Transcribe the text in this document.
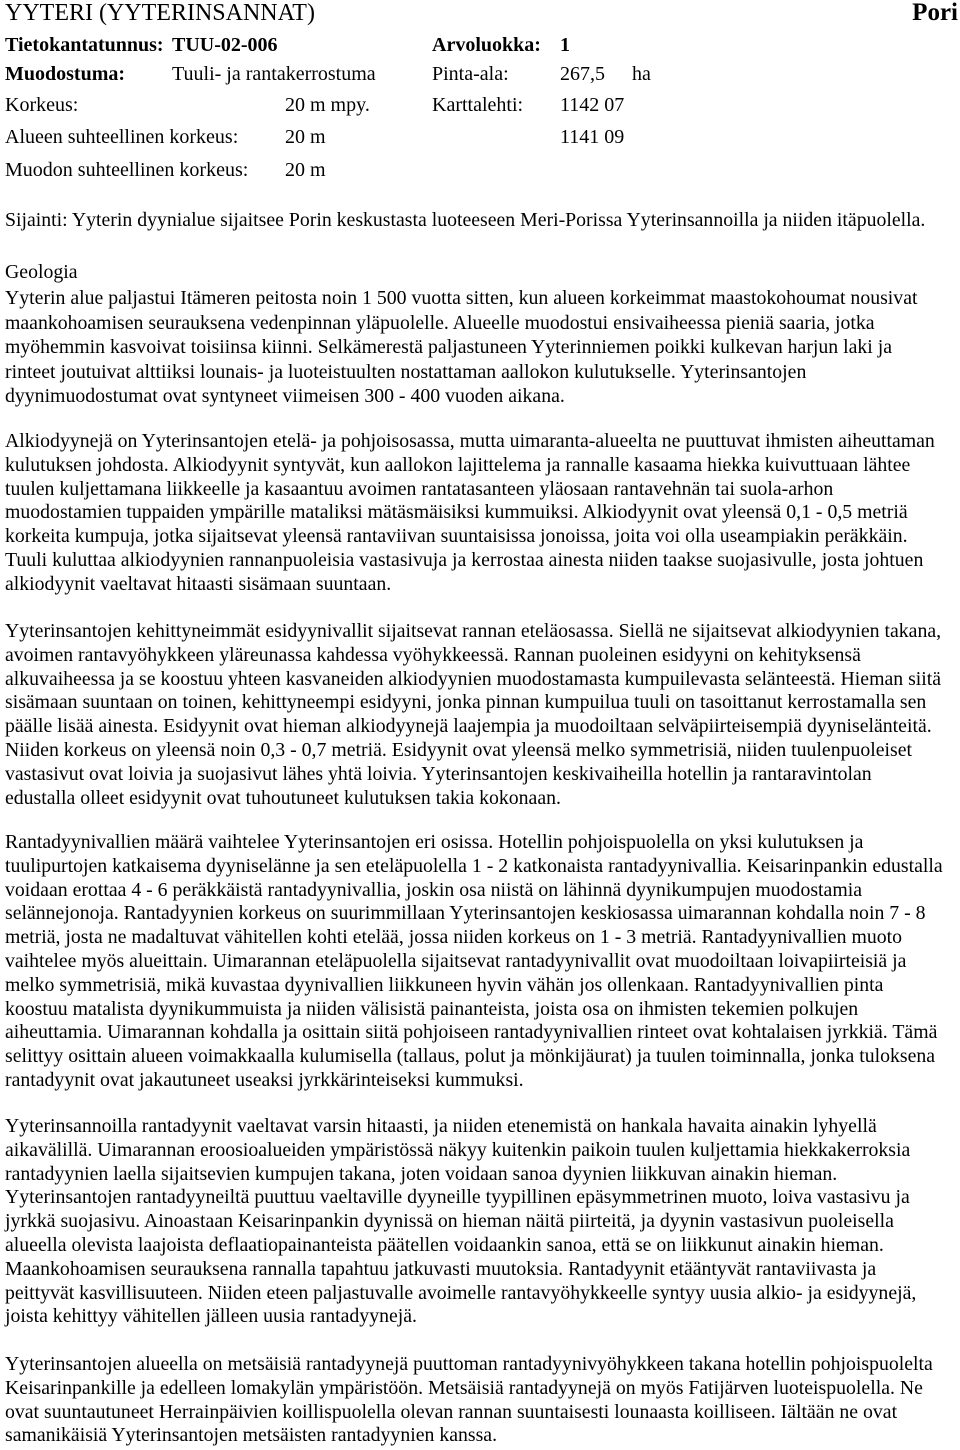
YYTERI (YYTERINSANNAT)	Pori
Tietokantatunnus: TUU-02-006	Arvoluokka: 1
Muodostuma: Tuuli- ja rantakerrostuma	Pinta-ala:	267,5 ha
Korkeus:	20 m mpy.	Karttalehti: 1142 07
Alueen suhteellinen korkeus: 20 m	1141 09
Muodon suhteellinen korkeus: 20 m
Sijainti: Yyterin dyynialue sijaitsee Porin keskustasta luoteeseen Meri-Porissa Yyterinsannoilla ja niiden itäpuolella.
Geologia
Yyterin alue paljastui Itämeren peitosta noin 1 500 vuotta sitten, kun alueen korkeimmat maastokohoumat nousivat
maankohoamisen seurauksena vedenpinnan yläpuolelle. Alueelle muodostui ensivaiheessa pieniä saaria, jotka
myöhemmin kasvoivat toisiinsa kiinni. Selkämerestä paljastuneen Yyterinniemen poikki kulkevan harjun laki ja
rinteet joutuivat alttiiksi lounais- ja luoteistuulten nostattaman aallokon kulutukselle. Yyterinsantojen
dyynimuodostumat ovat syntyneet viimeisen 300 - 400 vuoden aikana.
Alkiodyynejä on Yyterinsantojen etelä- ja pohjoisosassa, mutta uimaranta-alueelta ne puuttuvat ihmisten aiheuttaman
kulutuksen johdosta. Alkiodyynit syntyvät, kun aallokon lajittelema ja rannalle kasaama hiekka kuivuttuaan lähtee
tuulen kuljettamana liikkeelle ja kasaantuu avoimen rantatasanteen yläosaan rantavehnän tai suola-arhon
muodostamien tuppaiden ympärille mataliksi mätäsmäisiksi kummuiksi. Alkiodyynit ovat yleensä 0,1 - 0,5 metriä
korkeita kumpuja, jotka sijaitsevat yleensä rantaviivan suuntaisissa jonoissa, joita voi olla useampiakin peräkkäin.
Tuuli kuluttaa alkiodyynien rannanpuoleisia vastasivuja ja kerrostaa ainesta niiden taakse suojasivulle, josta johtuen
alkiodyynit vaeltavat hitaasti sisämaan suuntaan.
Yyterinsantojen kehittyneimmät esidyynivallit sijaitsevat rannan eteläosassa. Siellä ne sijaitsevat alkiodyynien takana,
avoimen rantavyöhykkeen yläreunassa kahdessa vyöhykkeessä. Rannan puoleinen esidyyni on kehityksensä
alkuvaiheessa ja se koostuu yhteen kasvaneiden alkiodyynien muodostamasta kumpuilevasta selänteestä. Hieman siitä
sisämaan suuntaan on toinen, kehittyneempi esidyyni, jonka pinnan kumpuilua tuuli on tasoittanut kerrostamalla sen
päälle lisää ainesta. Esidyynit ovat hieman alkiodyynejä laajempia ja muodoiltaan selväpiirteisempiä dyyniselänteitä.
Niiden korkeus on yleensä noin 0,3 - 0,7 metriä. Esidyynit ovat yleensä melko symmetrisiä, niiden tuulenpuoleiset
vastasivut ovat loivia ja suojasivut lähes yhtä loivia. Yyterinsantojen keskivaiheilla hotellin ja rantaravintolan
edustalla olleet esidyynit ovat tuhoutuneet kulutuksen takia kokonaan.
Rantadyynivallien määrä vaihtelee Yyterinsantojen eri osissa. Hotellin pohjoispuolella on yksi kulutuksen ja
tuulipurtojen katkaisema dyyniselänne ja sen eteläpuolella 1 - 2 katkonaista rantadyynivallia. Keisarinpankin edustalla
voidaan erottaa 4 - 6 peräkkäistä rantadyynivallia, joskin osa niistä on lähinnä dyynikumpujen muodostamia
selännejonoja. Rantadyynien korkeus on suurimmillaan Yyterinsantojen keskiosassa uimarannan kohdalla noin 7 - 8
metriä, josta ne madaltuvat vähitellen kohti etelää, jossa niiden korkeus on 1 - 3 metriä. Rantadyynivallien muoto
vaihtelee myös alueittain. Uimarannan eteläpuolella sijaitsevat rantadyynivallit ovat muodoiltaan loivapiirteisiä ja
melko symmetrisiä, mikä kuvastaa dyynivallien liikkuneen hyvin vähän jos ollenkaan. Rantadyynivallien pinta
koostuu matalista dyynikummuista ja niiden välisistä painanteista, joista osa on ihmisten tekemien polkujen
aiheuttamia. Uimarannan kohdalla ja osittain siitä pohjoiseen rantadyynivallien rinteet ovat kohtalaisen jyrkkiä. Tämä
selittyy osittain alueen voimakkaalla kulumisella (tallaus, polut ja mönkijäurat) ja tuulen toiminnalla, jonka tuloksena
rantadyynit ovat jakautuneet useaksi jyrkkärinteiseksi kummuksi.
Yyterinsannoilla rantadyynit vaeltavat varsin hitaasti, ja niiden etenemistä on hankala havaita ainakin lyhyellä
aikavälillä. Uimarannan eroosioalueiden ympäristössä näkyy kuitenkin paikoin tuulen kuljettamia hiekkakerroksia
rantadyynien laella sijaitsevien kumpujen takana, joten voidaan sanoa dyynien liikkuvan ainakin hieman.
Yyterinsantojen rantadyyneiltä puuttuu vaeltaville dyyneille tyypillinen epäsymmetrinen muoto, loiva vastasivu ja
jyrkkä suojasivu. Ainoastaan Keisarinpankin dyynissä on hieman näitä piirteitä, ja dyynin vastasivun puoleisella
alueella olevista laajoista deflaatiopainanteista päätellen voidaankin sanoa, että se on liikkunut ainakin hieman.
Maankohoamisen seurauksena rannalla tapahtuu jatkuvasti muutoksia. Rantadyynit etääntyvät rantaviivasta ja
peittyvät kasvillisuuteen. Niiden eteen paljastuvalle avoimelle rantavyöhykkeelle syntyy uusia alkio- ja esidyynejä,
joista kehittyy vähitellen jälleen uusia rantadyynejä.
Yyterinsantojen alueella on metsäisiä rantadyynejä puuttoman rantadyynivyöhykkeen takana hotellin pohjoispuolelta
Keisarinpankille ja edelleen lomakylän ympäristöön. Metsäisiä rantadyynejä on myös Fatijärven luoteispuolella. Ne
ovat suuntautuneet Herrainpäivien koillispuolella olevan rannan suuntaisesti lounaasta koilliseen. Iältään ne ovat
samanikäisiä Yyterinsantojen metsäisten rantadyynien kanssa.
